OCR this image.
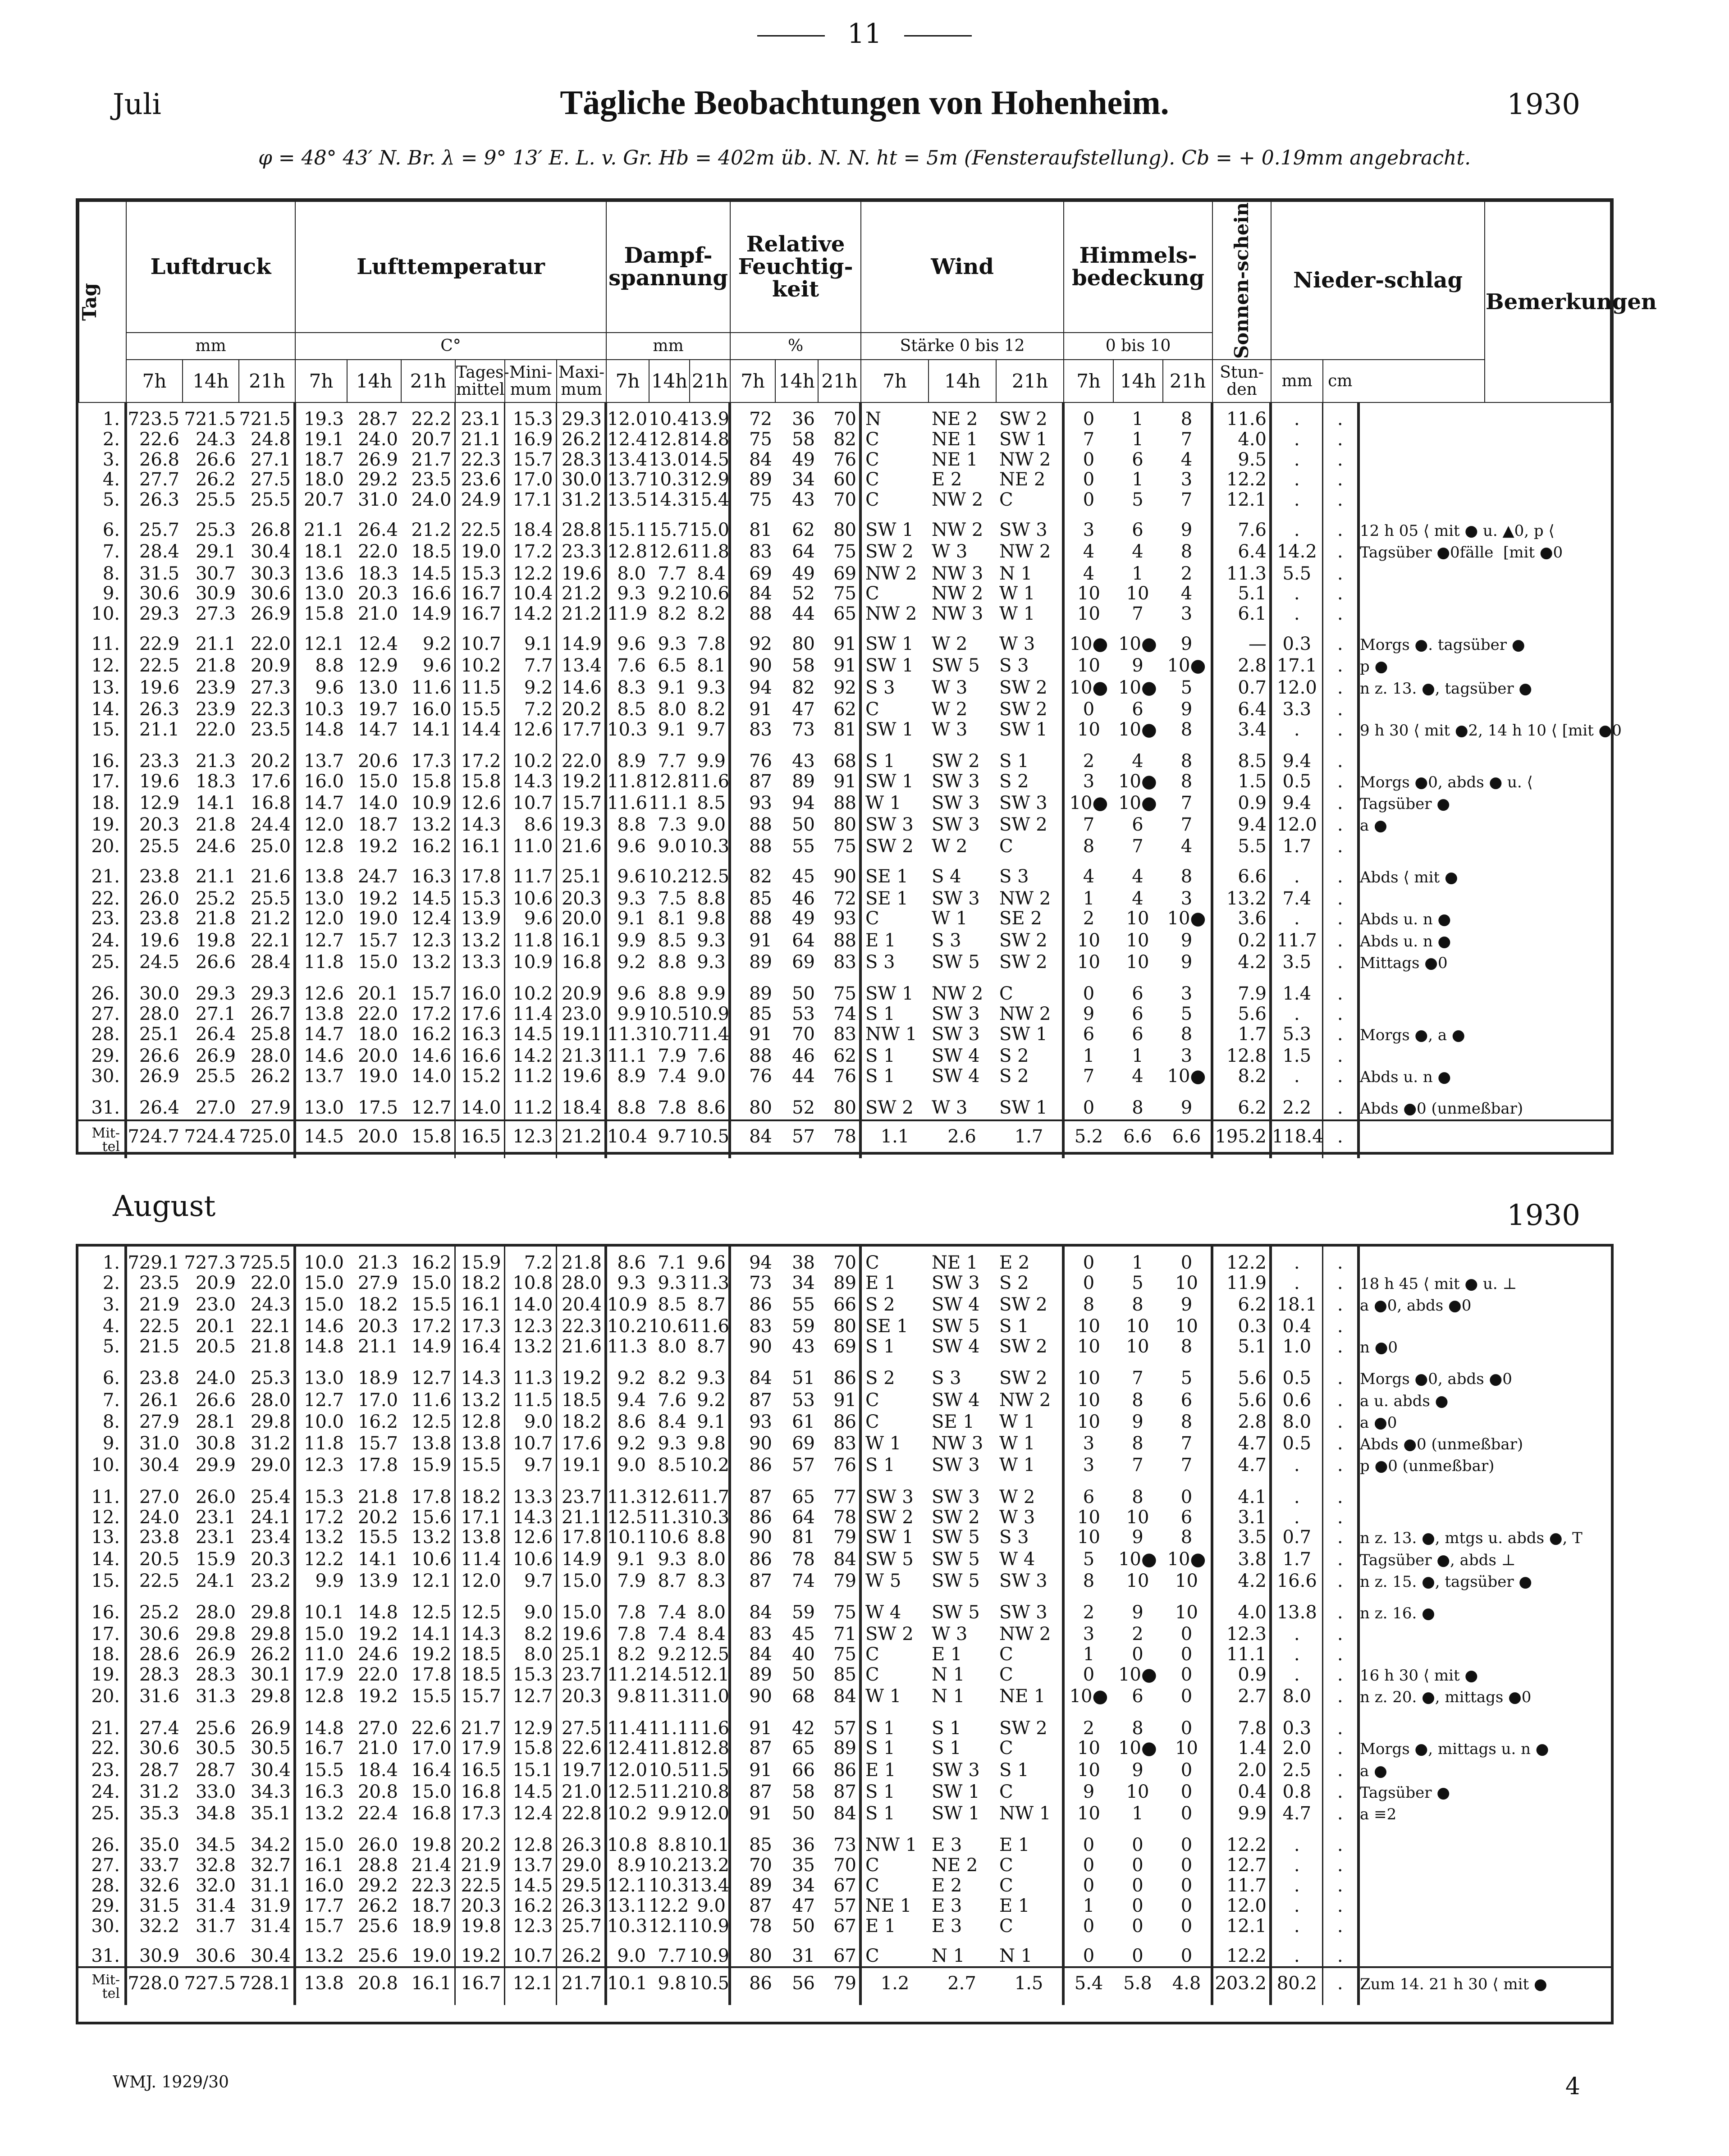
11
Juli	Tägliche Beobachtungen von Hohenheim.	1930
φ = 48° 43′ N. Br. λ = 9° 13′ E. L. v. Gr. Hb = 402m üb. N. N. ht = 5m (Fensteraufstellung). Cb = + 0.19mm angebracht.
Tag	Luftdruck			Lufttemperatur						Dampf-spannung			Relative Feuchtig-keit			Wind			Himmels-bedeckung			Sonnen-schein	Nieder-schlag		Bemerkungen
	mm			C°						mm			%			Stärke 0 bis 12			0 bis 10						
	7h	14h	21h	7h	14h	21h	Tages-mittel	Mini-mum	Maxi-mum	7h	14h	21h	7h	14h	21h	7h	14h	21h	7h	14h	21h	Stun-den	mm	cm	
1.	723.5	721.5	721.5	19.3	28.7	22.2	23.1	15.3	29.3	12.0	10.4	13.9	72	36	70	N	NE 2	SW 2	0	1	8	11.6	.	.	
2.	22.6	24.3	24.8	19.1	24.0	20.7	21.1	16.9	26.2	12.4	12.8	14.8	75	58	82	C	NE 1	SW 1	7	1	7	4.0	.	.	
3.	26.8	26.6	27.1	18.7	26.9	21.7	22.3	15.7	28.3	13.4	13.0	14.5	84	49	76	C	NE 1	NW 2	0	6	4	9.5	.	.	
4.	27.7	26.2	27.5	18.0	29.2	23.5	23.6	17.0	30.0	13.7	10.3	12.9	89	34	60	C	E 2	NE 2	0	1	3	12.2	.	.	
5.	26.3	25.5	25.5	20.7	31.0	24.0	24.9	17.1	31.2	13.5	14.3	15.4	75	43	70	C	NW 2	C	0	5	7	12.1	.	.	
6.	25.7	25.3	26.8	21.1	26.4	21.2	22.5	18.4	28.8	15.1	15.7	15.0	81	62	80	SW 1	NW 2	SW 3	3	6	9	7.6	.	.	12 h 05 ⟨ mit ● u. ▲0, p ⟨
7.	28.4	29.1	30.4	18.1	22.0	18.5	19.0	17.2	23.3	12.8	12.6	11.8	83	64	75	SW 2	W 3	NW 2	4	4	8	6.4	14.2	.	Tagsüber ●0fälle  [mit ●0
8.	31.5	30.7	30.3	13.6	18.3	14.5	15.3	12.2	19.6	8.0	7.7	8.4	69	49	69	NW 2	NW 3	N 1	4	1	2	11.3	5.5	.	
9.	30.6	30.9	30.6	13.0	20.3	16.6	16.7	10.4	21.2	9.3	9.2	10.6	84	52	75	C	NW 2	W 1	10	10	4	5.1	.	.	
10.	29.3	27.3	26.9	15.8	21.0	14.9	16.7	14.2	21.2	11.9	8.2	8.2	88	44	65	NW 2	NW 3	W 1	10	7	3	6.1	.	.	
11.	22.9	21.1	22.0	12.1	12.4	9.2	10.7	9.1	14.9	9.6	9.3	7.8	92	80	91	SW 1	W 2	W 3	10●	10●	9	—	0.3	.	Morgs ●. tagsüber ●
12.	22.5	21.8	20.9	8.8	12.9	9.6	10.2	7.7	13.4	7.6	6.5	8.1	90	58	91	SW 1	SW 5	S 3	10	9	10●	2.8	17.1	.	p ●
13.	19.6	23.9	27.3	9.6	13.0	11.6	11.5	9.2	14.6	8.3	9.1	9.3	94	82	92	S 3	W 3	SW 2	10●	10●	5	0.7	12.0	.	n z. 13. ●, tagsüber ●
14.	26.3	23.9	22.3	10.3	19.7	16.0	15.5	7.2	20.2	8.5	8.0	8.2	91	47	62	C	W 2	SW 2	0	6	9	6.4	3.3	.	
15.	21.1	22.0	23.5	14.8	14.7	14.1	14.4	12.6	17.7	10.3	9.1	9.7	83	73	81	SW 1	W 3	SW 1	10	10●	8	3.4	.	.	9 h 30 ⟨ mit ●2, 14 h 10 ⟨ [mit ●0
16.	23.3	21.3	20.2	13.7	20.6	17.3	17.2	10.2	22.0	8.9	7.7	9.9	76	43	68	S 1	SW 2	S 1	2	4	8	8.5	9.4	.	
17.	19.6	18.3	17.6	16.0	15.0	15.8	15.8	14.3	19.2	11.8	12.8	11.6	87	89	91	SW 1	SW 3	S 2	3	10●	8	1.5	0.5	.	Morgs ●0, abds ● u. ⟨
18.	12.9	14.1	16.8	14.7	14.0	10.9	12.6	10.7	15.7	11.6	11.1	8.5	93	94	88	W 1	SW 3	SW 3	10●	10●	7	0.9	9.4	.	Tagsüber ●
19.	20.3	21.8	24.4	12.0	18.7	13.2	14.3	8.6	19.3	8.8	7.3	9.0	88	50	80	SW 3	SW 3	SW 2	7	6	7	9.4	12.0	.	a ●
20.	25.5	24.6	25.0	12.8	19.2	16.2	16.1	11.0	21.6	9.6	9.0	10.3	88	55	75	SW 2	W 2	C	8	7	4	5.5	1.7	.	
21.	23.8	21.1	21.6	13.8	24.7	16.3	17.8	11.7	25.1	9.6	10.2	12.5	82	45	90	SE 1	S 4	S 3	4	4	8	6.6	.	.	Abds ⟨ mit ●
22.	26.0	25.2	25.5	13.0	19.2	14.5	15.3	10.6	20.3	9.3	7.5	8.8	85	46	72	SE 1	SW 3	NW 2	1	4	3	13.2	7.4	.	
23.	23.8	21.8	21.2	12.0	19.0	12.4	13.9	9.6	20.0	9.1	8.1	9.8	88	49	93	C	W 1	SE 2	2	10	10●	3.6	.	.	Abds u. n ●
24.	19.6	19.8	22.1	12.7	15.7	12.3	13.2	11.8	16.1	9.9	8.5	9.3	91	64	88	E 1	S 3	SW 2	10	10	9	0.2	11.7	.	Abds u. n ●
25.	24.5	26.6	28.4	11.8	15.0	13.2	13.3	10.9	16.8	9.2	8.8	9.3	89	69	83	S 3	SW 5	SW 2	10	10	9	4.2	3.5	.	Mittags ●0
26.	30.0	29.3	29.3	12.6	20.1	15.7	16.0	10.2	20.9	9.6	8.8	9.9	89	50	75	SW 1	NW 2	C	0	6	3	7.9	1.4	.	
27.	28.0	27.1	26.7	13.8	22.0	17.2	17.6	11.4	23.0	9.9	10.5	10.9	85	53	74	S 1	SW 3	NW 2	9	6	5	5.6	.	.	
28.	25.1	26.4	25.8	14.7	18.0	16.2	16.3	14.5	19.1	11.3	10.7	11.4	91	70	83	NW 1	SW 3	SW 1	6	6	8	1.7	5.3	.	Morgs ●, a ●
29.	26.6	26.9	28.0	14.6	20.0	14.6	16.6	14.2	21.3	11.1	7.9	7.6	88	46	62	S 1	SW 4	S 2	1	1	3	12.8	1.5	.	
30.	26.9	25.5	26.2	13.7	19.0	14.0	15.2	11.2	19.6	8.9	7.4	9.0	76	44	76	S 1	SW 4	S 2	7	4	10●	8.2	.	.	Abds u. n ●
31.	26.4	27.0	27.9	13.0	17.5	12.7	14.0	11.2	18.4	8.8	7.8	8.6	80	52	80	SW 2	W 3	SW 1	0	8	9	6.2	2.2	.	Abds ●0 (unmeßbar)
Mit-tel	724.7	724.4	725.0	14.5	20.0	15.8	16.5	12.3	21.2	10.4	9.7	10.5	84	57	78	1.1	2.6	1.7	5.2	6.6	6.6	195.2	118.4	.	
August	1930
1.	729.1	727.3	725.5	10.0	21.3	16.2	15.9	7.2	21.8	8.6	7.1	9.6	94	38	70	C	NE 1	E 2	0	1	0	12.2	.	.	
2.	23.5	20.9	22.0	15.0	27.9	15.0	18.2	10.8	28.0	9.3	9.3	11.3	73	34	89	E 1	SW 3	S 2	0	5	10	11.9	.	.	18 h 45 ⟨ mit ● u. ⊥
3.	21.9	23.0	24.3	15.0	18.2	15.5	16.1	14.0	20.4	10.9	8.5	8.7	86	55	66	S 2	SW 4	SW 2	8	8	9	6.2	18.1	.	a ●0, abds ●0
4.	22.5	20.1	22.1	14.6	20.3	17.2	17.3	12.3	22.3	10.2	10.6	11.6	83	59	80	SE 1	SW 5	S 1	10	10	10	0.3	0.4	.	
5.	21.5	20.5	21.8	14.8	21.1	14.9	16.4	13.2	21.6	11.3	8.0	8.7	90	43	69	S 1	SW 4	SW 2	10	10	8	5.1	1.0	.	n ●0
6.	23.8	24.0	25.3	13.0	18.9	12.7	14.3	11.3	19.2	9.2	8.2	9.3	84	51	86	S 2	S 3	SW 2	10	7	5	5.6	0.5	.	Morgs ●0, abds ●0
7.	26.1	26.6	28.0	12.7	17.0	11.6	13.2	11.5	18.5	9.4	7.6	9.2	87	53	91	C	SW 4	NW 2	10	8	6	5.6	0.6	.	a u. abds ●
8.	27.9	28.1	29.8	10.0	16.2	12.5	12.8	9.0	18.2	8.6	8.4	9.1	93	61	86	C	SE 1	W 1	10	9	8	2.8	8.0	.	a ●0
9.	31.0	30.8	31.2	11.8	15.7	13.8	13.8	10.7	17.6	9.2	9.3	9.8	90	69	83	W 1	NW 3	W 1	3	8	7	4.7	0.5	.	Abds ●0 (unmeßbar)
10.	30.4	29.9	29.0	12.3	17.8	15.9	15.5	9.7	19.1	9.0	8.5	10.2	86	57	76	S 1	SW 3	W 1	3	7	7	4.7	.	.	p ●0 (unmeßbar)
11.	27.0	26.0	25.4	15.3	21.8	17.8	18.2	13.3	23.7	11.3	12.6	11.7	87	65	77	SW 3	SW 3	W 2	6	8	0	4.1	.	.	
12.	24.0	23.1	24.1	17.2	20.2	15.6	17.1	14.3	21.1	12.5	11.3	10.3	86	64	78	SW 2	SW 2	W 3	10	10	6	3.1	.	.	
13.	23.8	23.1	23.4	13.2	15.5	13.2	13.8	12.6	17.8	10.1	10.6	8.8	90	81	79	SW 1	SW 5	S 3	10	9	8	3.5	0.7	.	n z. 13. ●, mtgs u. abds ●, T
14.	20.5	15.9	20.3	12.2	14.1	10.6	11.4	10.6	14.9	9.1	9.3	8.0	86	78	84	SW 5	SW 5	W 4	5	10●	10●	3.8	1.7	.	Tagsüber ●, abds ⊥
15.	22.5	24.1	23.2	9.9	13.9	12.1	12.0	9.7	15.0	7.9	8.7	8.3	87	74	79	W 5	SW 5	SW 3	8	10	10	4.2	16.6	.	n z. 15. ●, tagsüber ●
16.	25.2	28.0	29.8	10.1	14.8	12.5	12.5	9.0	15.0	7.8	7.4	8.0	84	59	75	W 4	SW 5	SW 3	2	9	10	4.0	13.8	.	n z. 16. ●
17.	30.6	29.8	29.8	15.0	19.2	14.1	14.3	8.2	19.6	7.8	7.4	8.4	83	45	71	SW 2	W 3	NW 2	3	2	0	12.3	.	.	
18.	28.6	26.9	26.2	11.0	24.6	19.2	18.5	8.0	25.1	8.2	9.2	12.5	84	40	75	C	E 1	C	1	0	0	11.1	.	.	
19.	28.3	28.3	30.1	17.9	22.0	17.8	18.5	15.3	23.7	11.2	14.5	12.1	89	50	85	C	N 1	C	0	10●	0	0.9	.	.	16 h 30 ⟨ mit ●
20.	31.6	31.3	29.8	12.8	19.2	15.5	15.7	12.7	20.3	9.8	11.3	11.0	90	68	84	W 1	N 1	NE 1	10●	6	0	2.7	8.0	.	n z. 20. ●, mittags ●0
21.	27.4	25.6	26.9	14.8	27.0	22.6	21.7	12.9	27.5	11.4	11.1	11.6	91	42	57	S 1	S 1	SW 2	2	8	0	7.8	0.3	.	
22.	30.6	30.5	30.5	16.7	21.0	17.0	17.9	15.8	22.6	12.4	11.8	12.8	87	65	89	S 1	S 1	C	10	10●	10	1.4	2.0	.	Morgs ●, mittags u. n ●
23.	28.7	28.7	30.4	15.5	18.4	16.4	16.5	15.1	19.7	12.0	10.5	11.5	91	66	86	E 1	SW 3	S 1	10	9	0	2.0	2.5	.	a ●
24.	31.2	33.0	34.3	16.3	20.8	15.0	16.8	14.5	21.0	12.5	11.2	10.8	87	58	87	S 1	SW 1	C	9	10	0	0.4	0.8	.	Tagsüber ●
25.	35.3	34.8	35.1	13.2	22.4	16.8	17.3	12.4	22.8	10.2	9.9	12.0	91	50	84	S 1	SW 1	NW 1	10	1	0	9.9	4.7	.	a ≡2
26.	35.0	34.5	34.2	15.0	26.0	19.8	20.2	12.8	26.3	10.8	8.8	10.1	85	36	73	NW 1	E 3	E 1	0	0	0	12.2	.	.	
27.	33.7	32.8	32.7	16.1	28.8	21.4	21.9	13.7	29.0	8.9	10.2	13.2	70	35	70	C	NE 2	C	0	0	0	12.7	.	.	
28.	32.6	32.0	31.1	16.0	29.2	22.3	22.5	14.5	29.5	12.1	10.3	13.4	89	34	67	C	E 2	C	0	0	0	11.7	.	.	
29.	31.5	31.4	31.9	17.7	26.2	18.7	20.3	16.2	26.3	13.1	12.2	9.0	87	47	57	NE 1	E 3	E 1	1	0	0	12.0	.	.	
30.	32.2	31.7	31.4	15.7	25.6	18.9	19.8	12.3	25.7	10.3	12.1	10.9	78	50	67	E 1	E 3	C	0	0	0	12.1	.	.	
31.	30.9	30.6	30.4	13.2	25.6	19.0	19.2	10.7	26.2	9.0	7.7	10.9	80	31	67	C	N 1	N 1	0	0	0	12.2	.	.	
Mit-tel	728.0	727.5	728.1	13.8	20.8	16.1	16.7	12.1	21.7	10.1	9.8	10.5	86	56	79	1.2	2.7	1.5	5.4	5.8	4.8	203.2	80.2	.	Zum 14. 21 h 30 ⟨ mit ●
WMJ. 1929/30	4
